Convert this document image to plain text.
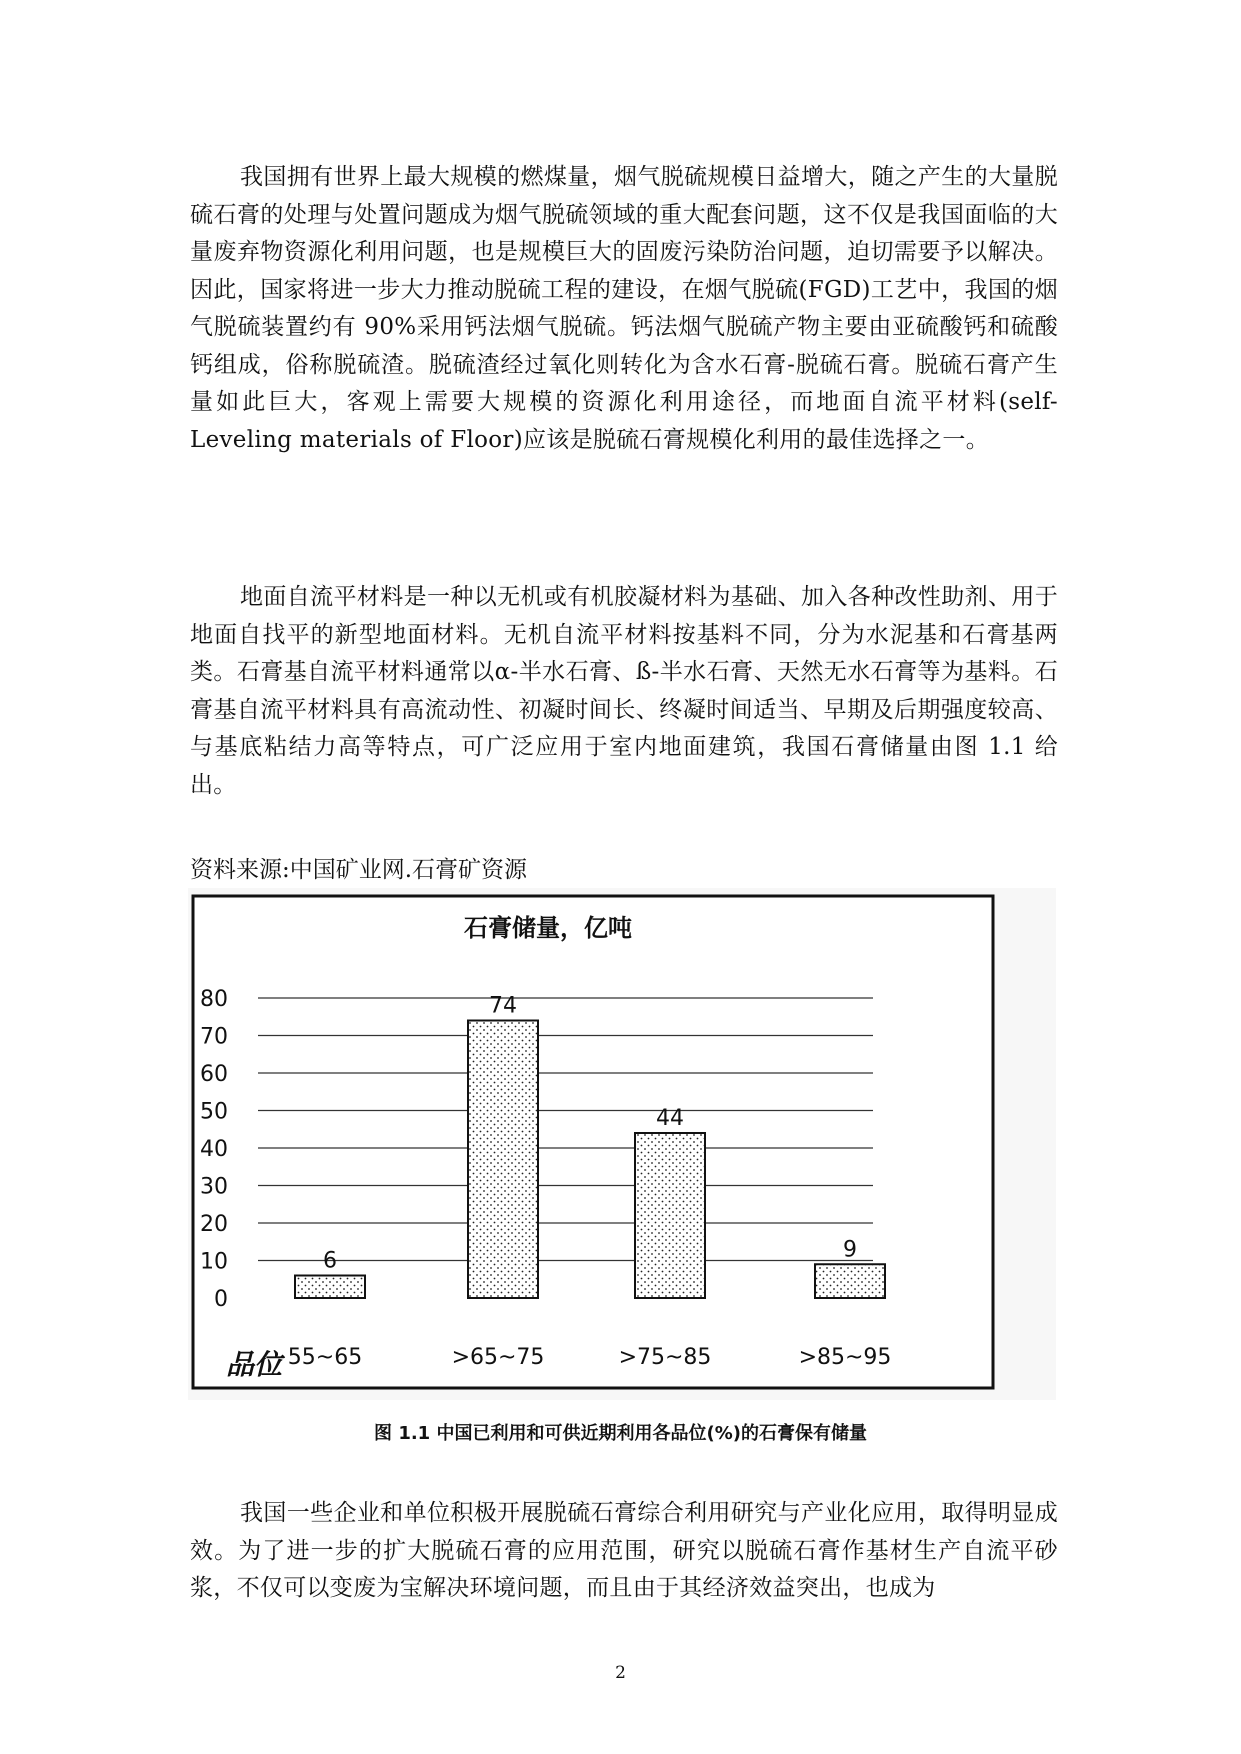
我国拥有世界上最大规模的燃煤量，烟气脱硫规模日益增大，随之产生的大量脱硫石膏的处理与处置问题成为烟气脱硫领域的重大配套问题，这不仅是我国面临的大量废弃物资源化利用问题，也是规模巨大的固废污染防治问题，迫切需要予以解决。因此，国家将进一步大力推动脱硫工程的建设，在烟气脱硫(FGD)工艺中，我国的烟气脱硫装置约有 90%采用钙法烟气脱硫。钙法烟气脱硫产物主要由亚硫酸钙和硫酸钙组成，俗称脱硫渣。脱硫渣经过氧化则转化为含水石膏-脱硫石膏。脱硫石膏产生量如此巨大，客观上需要大规模的资源化利用途径，而地面自流平材料(self-Leveling materials of Floor)应该是脱硫石膏规模化利用的最佳选择之一。

地面自流平材料是一种以无机或有机胶凝材料为基础、加入各种改性助剂、用于地面自找平的新型地面材料。无机自流平材料按基料不同，分为水泥基和石膏基两类。石膏基自流平材料通常以α-半水石膏、ß-半水石膏、天然无水石膏等为基料。石膏基自流平材料具有高流动性、初凝时间长、终凝时间适当、早期及后期强度较高、与基底粘结力高等特点，可广泛应用于室内地面建筑，我国石膏储量由图 1.1 给出。

资料来源:中国矿业网.石膏矿资源

0
10
20
30
40
50
60
70
80
6
74
44
9
55~65	>65~75	>75~85	>85~95
石膏储量，亿吨
品位

图 1.1 中国已利用和可供近期利用各品位(%)的石膏保有储量

我国一些企业和单位积极开展脱硫石膏综合利用研究与产业化应用，取得明显成效。为了进一步的扩大脱硫石膏的应用范围，研究以脱硫石膏作基材生产自流平砂浆，不仅可以变废为宝解决环境问题，而且由于其经济效益突出，也成为

2
